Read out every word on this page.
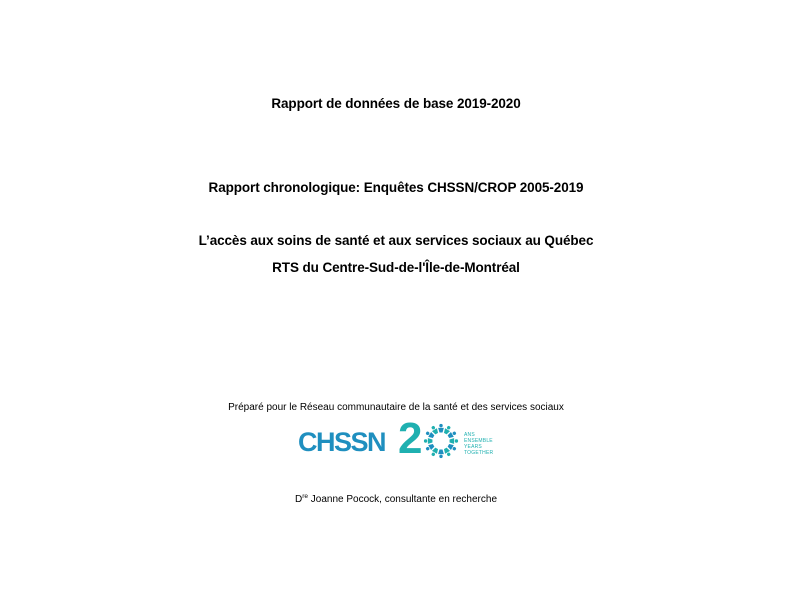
Rapport de données de base 2019-2020
Rapport chronologique: Enquêtes CHSSN/CROP 2005-2019
L’accès aux soins de santé et aux services sociaux au Québec
RTS du Centre-Sud-de-l'Île-de-Montréal
Préparé pour le Réseau communautaire de la santé et des services sociaux
CHSSN 2	ANS
ENSEMBLE
YEARS
TOGETHER
Dre Joanne Pocock, consultante en recherche
